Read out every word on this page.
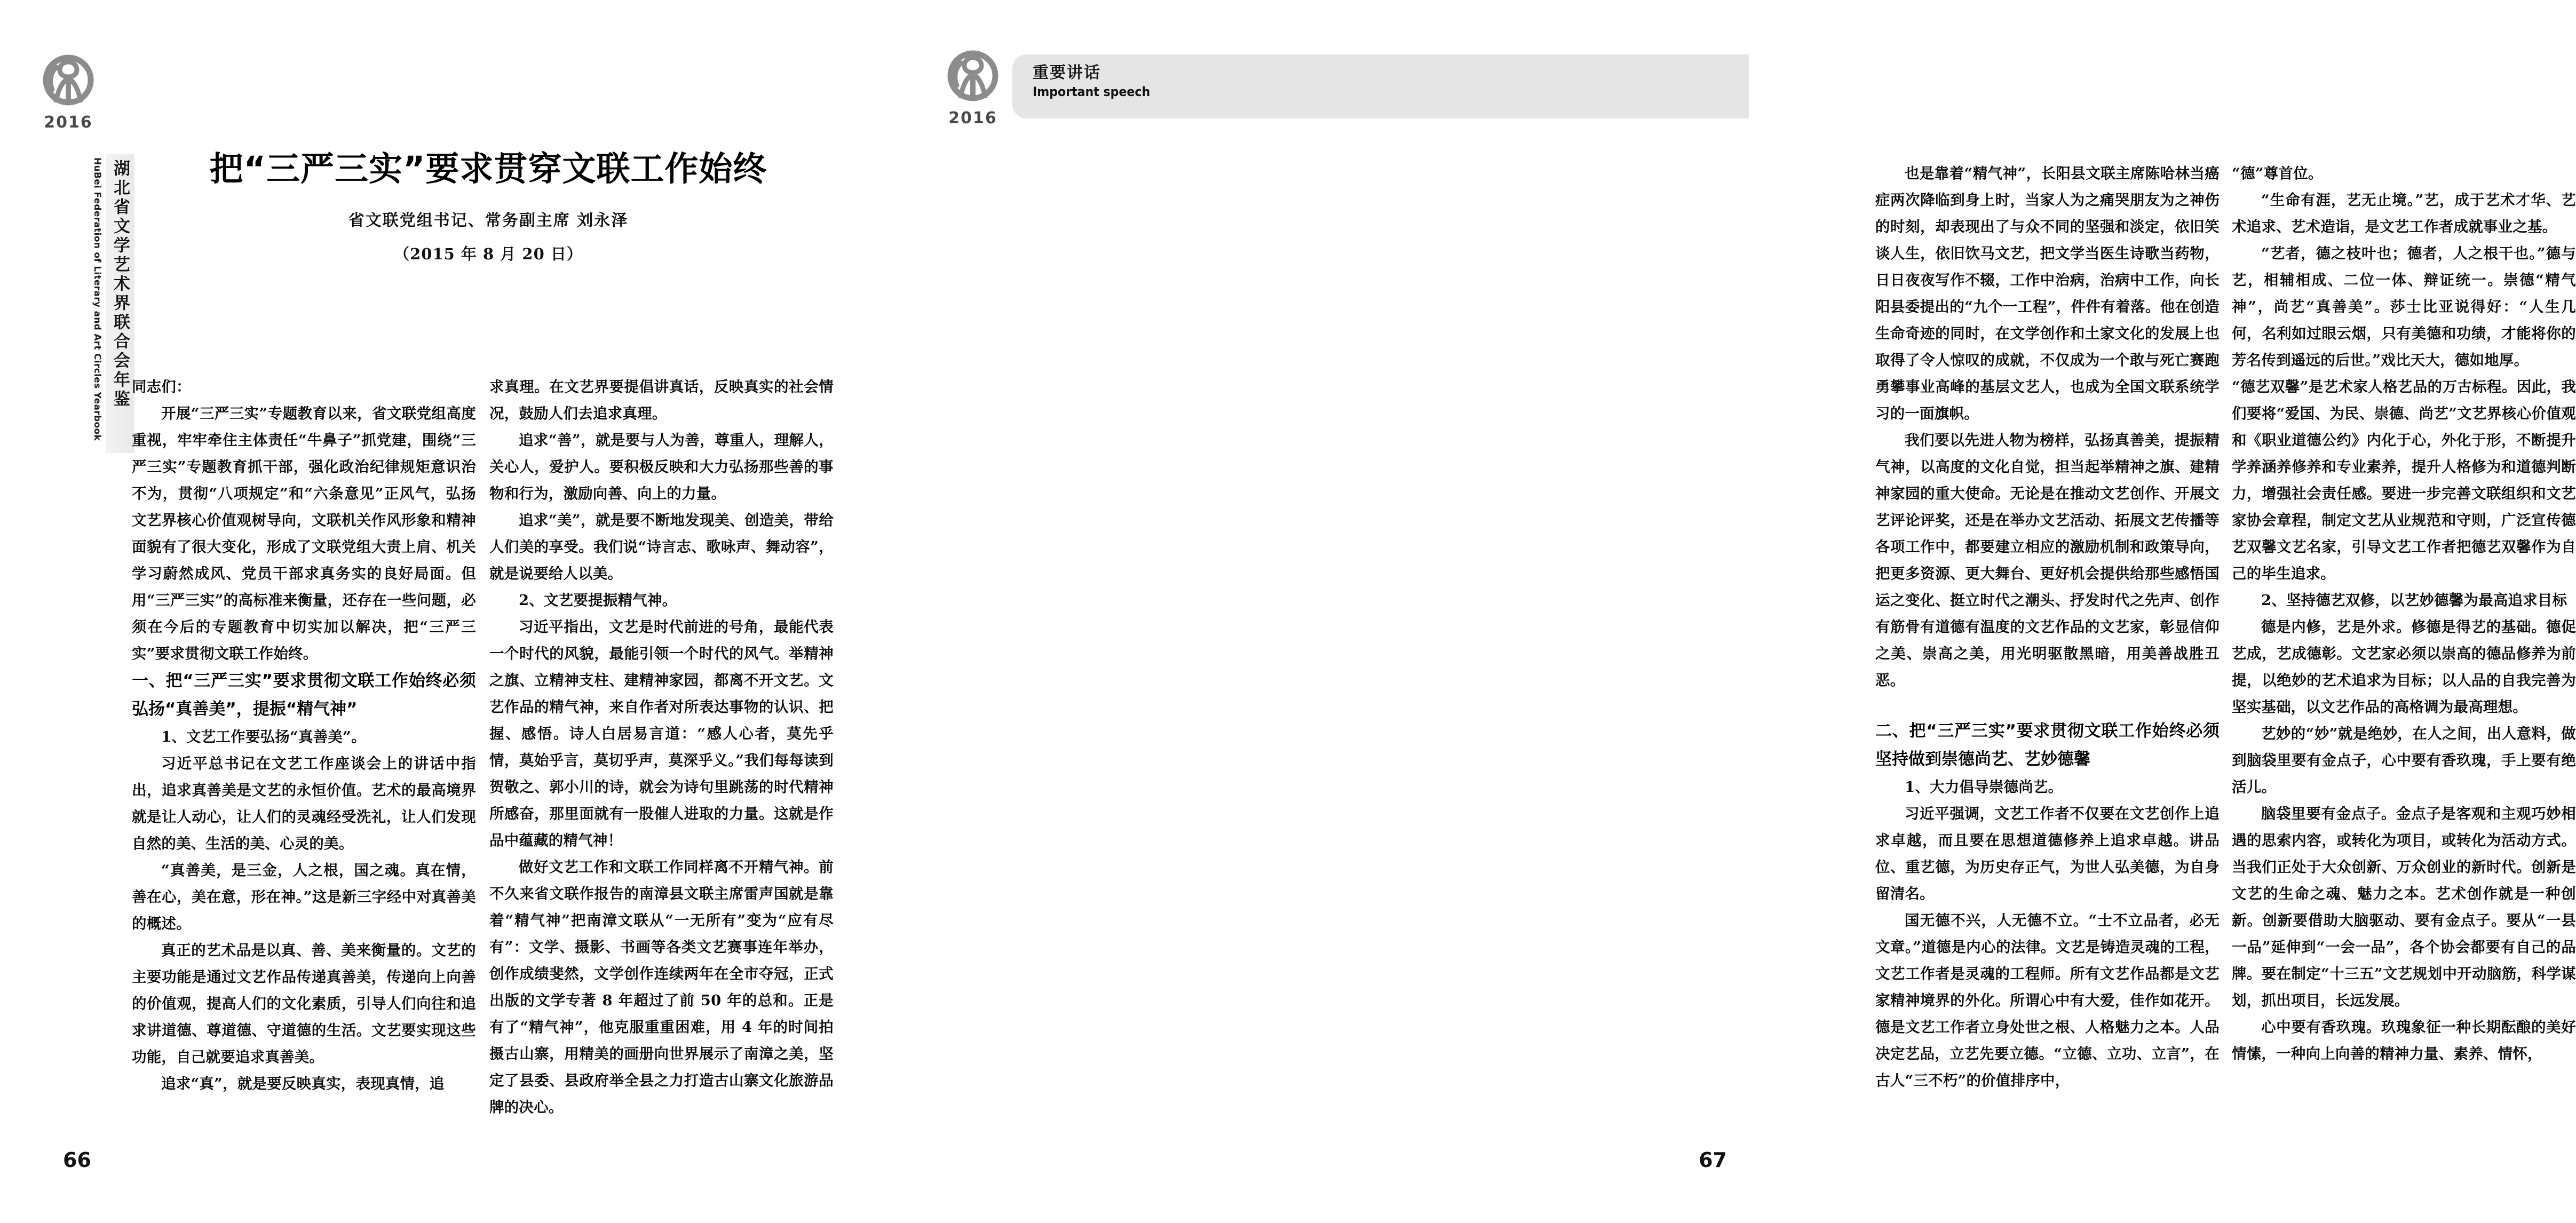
2016
湖北省文学艺术界联合会年鉴
HuBei Federation of Literary and Art Circles Yearbook	把“三严三实”要求贯穿文联工作始终
省文联党组书记、常务副主席 刘永泽
（2015 年 8 月 20 日）

同志们：

开展“三严三实”专题教育以来，省文联党组高度重视，牢牢牵住主体责任“牛鼻子”抓党建，围绕“三严三实”专题教育抓干部，强化政治纪律规矩意识治不为，贯彻“八项规定”和“六条意见”正风气，弘扬文艺界核心价值观树导向，文联机关作风形象和精神面貌有了很大变化，形成了文联党组大责上肩、机关学习蔚然成风、党员干部求真务实的良好局面。但用“三严三实”的高标准来衡量，还存在一些问题，必须在今后的专题教育中切实加以解决，把“三严三实”要求贯彻文联工作始终。

一、把“三严三实”要求贯彻文联工作始终必须弘扬“真善美”，提振“精气神”

1、文艺工作要弘扬“真善美”。

习近平总书记在文艺工作座谈会上的讲话中指出，追求真善美是文艺的永恒价值。艺术的最高境界就是让人动心，让人们的灵魂经受洗礼，让人们发现自然的美、生活的美、心灵的美。

“真善美，是三金，人之根，国之魂。真在情，善在心，美在意，形在神。”这是新三字经中对真善美的概述。

真正的艺术品是以真、善、美来衡量的。文艺的主要功能是通过文艺作品传递真善美，传递向上向善的价值观，提高人们的文化素质，引导人们向往和追求讲道德、尊道德、守道德的生活。文艺要实现这些功能，自己就要追求真善美。

追求“真”，就是要反映真实，表现真情，追

求真理。在文艺界要提倡讲真话，反映真实的社会情况，鼓励人们去追求真理。

追求“善”，就是要与人为善，尊重人，理解人，关心人，爱护人。要积极反映和大力弘扬那些善的事物和行为，激励向善、向上的力量。

追求“美”，就是要不断地发现美、创造美，带给人们美的享受。我们说“诗言志、歌咏声、舞动容”，就是说要给人以美。

2、文艺要提振精气神。

习近平指出，文艺是时代前进的号角，最能代表一个时代的风貌，最能引领一个时代的风气。举精神之旗、立精神支柱、建精神家园，都离不开文艺。文艺作品的精气神，来自作者对所表达事物的认识、把握、感悟。诗人白居易言道：“感人心者，莫先乎情，莫始乎言，莫切乎声，莫深乎义。”我们每每读到贺敬之、郭小川的诗，就会为诗句里跳荡的时代精神所感奋，那里面就有一股催人进取的力量。这就是作品中蕴藏的精气神！

做好文艺工作和文联工作同样离不开精气神。前不久来省文联作报告的南漳县文联主席雷声国就是靠着“精气神”把南漳文联从“一无所有”变为“应有尽有”：文学、摄影、书画等各类文艺赛事连年举办，创作成绩斐然，文学创作连续两年在全市夺冠，正式出版的文学专著 8 年超过了前 50 年的总和。正是有了“精气神”，他克服重重困难，用 4 年的时间拍摄古山寨，用精美的画册向世界展示了南漳之美，坚定了县委、县政府举全县之力打造古山寨文化旅游品牌的决心。

66
2016
重要讲话
Important speech

也是靠着“精气神”，长阳县文联主席陈哈林当癌症两次降临到身上时，当家人为之痛哭朋友为之神伤的时刻，却表现出了与众不同的坚强和淡定，依旧笑谈人生，依旧饮马文艺，把文学当医生诗歌当药物，日日夜夜写作不辍，工作中治病，治病中工作，向长阳县委提出的“九个一工程”，件件有着落。他在创造生命奇迹的同时，在文学创作和土家文化的发展上也取得了令人惊叹的成就，不仅成为一个敢与死亡赛跑勇攀事业高峰的基层文艺人，也成为全国文联系统学习的一面旗帜。

我们要以先进人物为榜样，弘扬真善美，提振精气神，以高度的文化自觉，担当起举精神之旗、建精神家园的重大使命。无论是在推动文艺创作、开展文艺评论评奖，还是在举办文艺活动、拓展文艺传播等各项工作中，都要建立相应的激励机制和政策导向，把更多资源、更大舞台、更好机会提供给那些感悟国运之变化、挺立时代之潮头、抒发时代之先声、创作有筋骨有道德有温度的文艺作品的文艺家，彰显信仰之美、崇高之美，用光明驱散黑暗，用美善战胜丑恶。

二、把“三严三实”要求贯彻文联工作始终必须坚持做到崇德尚艺、艺妙德馨

1、大力倡导崇德尚艺。

习近平强调，文艺工作者不仅要在文艺创作上追求卓越，而且要在思想道德修养上追求卓越。讲品位、重艺德，为历史存正气，为世人弘美德，为自身留清名。

国无德不兴，人无德不立。“士不立品者，必无文章。”道德是内心的法律。文艺是铸造灵魂的工程，文艺工作者是灵魂的工程师。所有文艺作品都是文艺家精神境界的外化。所谓心中有大爱，佳作如花开。德是文艺工作者立身处世之根、人格魅力之本。人品决定艺品，立艺先要立德。“立德、立功、立言”，在古人“三不朽”的价值排序中，

“德”尊首位。

“生命有涯，艺无止境。”艺，成于艺术才华、艺术追求、艺术造诣，是文艺工作者成就事业之基。

“艺者，德之枝叶也；德者，人之根干也。”德与艺，相辅相成、二位一体、辩证统一。崇德“精气神”，尚艺“真善美”。莎士比亚说得好：“人生几何，名利如过眼云烟，只有美德和功绩，才能将你的芳名传到遥远的后世。”戏比天大，德如地厚。

“德艺双馨”是艺术家人格艺品的万古标程。因此，我们要将“爱国、为民、崇德、尚艺”文艺界核心价值观和《职业道德公约》内化于心，外化于形，不断提升学养涵养修养和专业素养，提升人格修为和道德判断力，增强社会责任感。要进一步完善文联组织和文艺家协会章程，制定文艺从业规范和守则，广泛宣传德艺双馨文艺名家，引导文艺工作者把德艺双馨作为自己的毕生追求。

2、坚持德艺双修，以艺妙德馨为最高追求目标

德是内修，艺是外求。修德是得艺的基础。德促艺成，艺成德彰。文艺家必须以崇高的德品修养为前提，以绝妙的艺术追求为目标；以人品的自我完善为坚实基础，以文艺作品的高格调为最高理想。

艺妙的“妙”就是绝妙，在人之间，出人意料，做到脑袋里要有金点子，心中要有香玖瑰，手上要有绝活儿。

脑袋里要有金点子。金点子是客观和主观巧妙相遇的思索内容，或转化为项目，或转化为活动方式。当我们正处于大众创新、万众创业的新时代。创新是文艺的生命之魂、魅力之本。艺术创作就是一种创新。创新要借助大脑驱动、要有金点子。要从“一县一品”延伸到“一会一品”，各个协会都要有自己的品牌。要在制定“十三五”文艺规划中开动脑筋，科学谋划，抓出项目，长远发展。

心中要有香玖瑰。玖瑰象征一种长期酝酿的美好情愫，一种向上向善的精神力量、素养、情怀，

67
